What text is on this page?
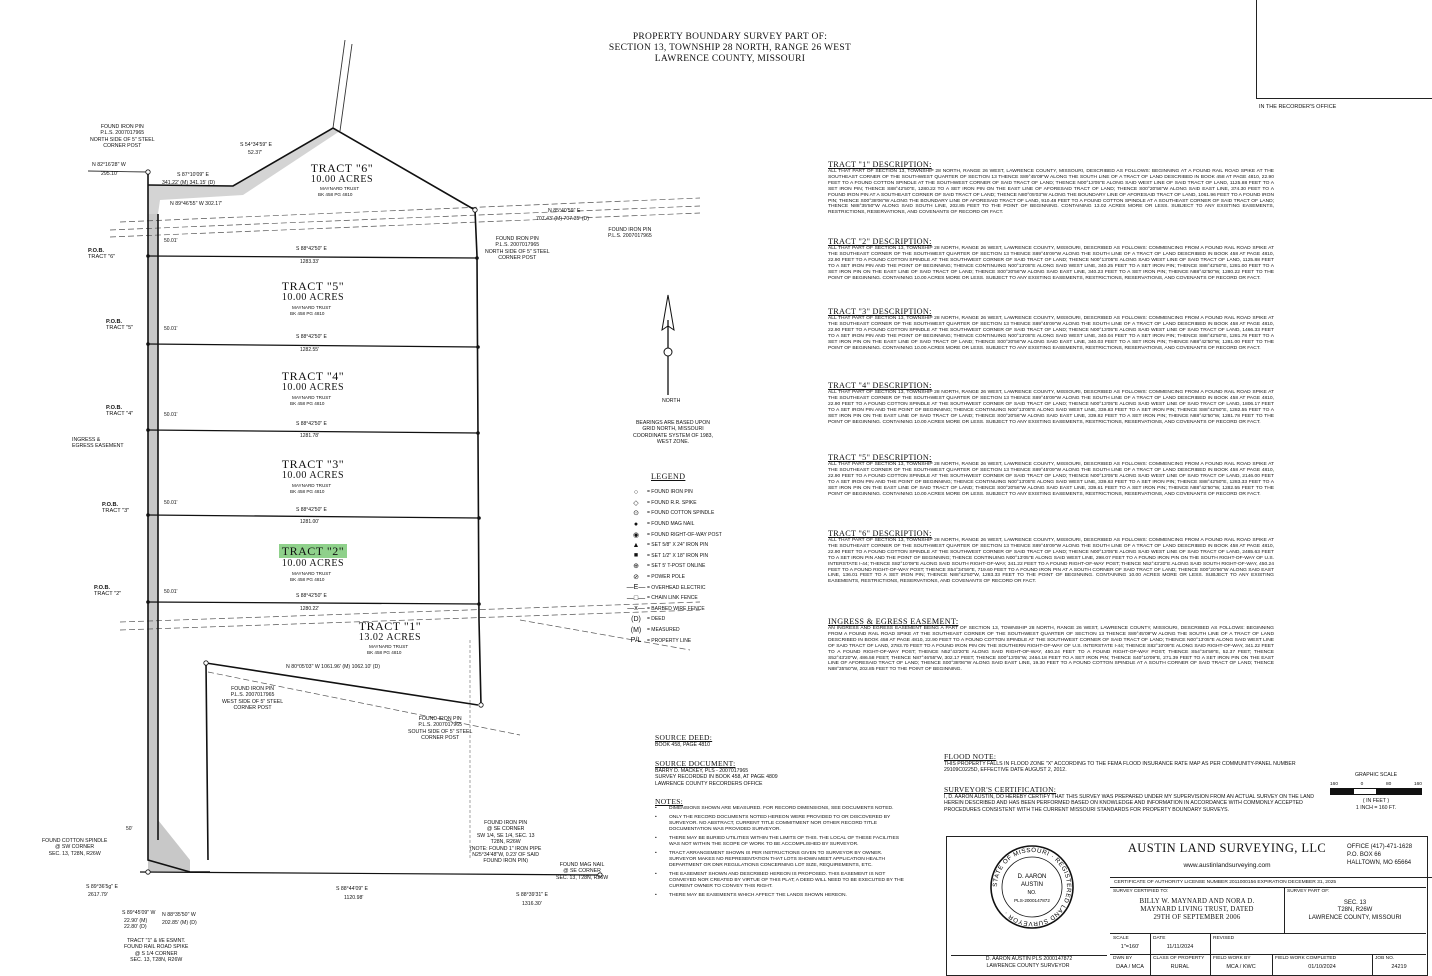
PROPERTY BOUNDARY SURVEY PART OF:
SECTION 13, TOWNSHIP 28 NORTH, RANGE 26 WEST
LAWRENCE COUNTY, MISSOURI
IN THE RECORDER'S OFFICE
TRACT "6"
10.00 ACRES
MAYNARD TRUST
BK 458 PG 4810
TRACT "5"
10.00 ACRES
MAYNARD TRUST
BK 458 PG 4810
TRACT "4"
10.00 ACRES
MAYNARD TRUST
BK 458 PG 4810
TRACT "3"
10.00 ACRES
MAYNARD TRUST
BK 458 PG 4810
TRACT "2"
10.00 ACRES
MAYNARD TRUST
BK 458 PG 4810
TRACT "1"
13.02 ACRES
MAYNARD TRUST
BK 458 PG 4810
S 88°42'50" E
1283.33'
S 88°42'50" E
1282.55'
S 88°42'50" E
1281.78'
S 88°42'50" E
1281.00'
S 88°42'50" E
1280.22'
50.01'
50.01'
50.01'
50.01'
50.01'
50'
P.O.B.
TRACT "6"
P.O.B.
TRACT "5"
P.O.B.
TRACT "4"
P.O.B.
TRACT "3"
P.O.B.
TRACT "2"
INGRESS &
EGRESS EASEMENT
FOUND IRON PIN
P.L.S. 2007017965
NORTH SIDE OF 5" STEEL
CORNER POST
N 82°16'28" W
295.10'	S 87°10'09" E
341.22' (M) 341.15' (D)
S 54°34'59" E
52.37'
N 89°46'55" W 302.17'
N 85°40'59" E
707.43' (M) 707.35' (D)
FOUND IRON PIN
P.L.S. 2007017965
FOUND IRON PIN
P.L.S. 2007017965
NORTH SIDE OF 5" STEEL
CORNER POST
N 80°05'03" W 1061.96' (M) 1062.10' (D)
FOUND IRON PIN
P.L.S. 2007017965
WEST SIDE OF 5" STEEL
CORNER POST
FOUND IRON PIN
P.L.S. 2007017965
SOUTH SIDE OF 5" STEEL
CORNER POST
FOUND COTTON SPINDLE
@ SW CORNER
SEC. 13, T28N, R26W
FOUND IRON PIN
@ SE CORNER
SW 1/4, SE 1/4, SEC. 13
T28N, R26W
(NOTE: FOUND 1" IRON PIPE
N25°34'48"W, 0.23' OF SAID
FOUND IRON PIN)
FOUND MAG NAIL
@ SE CORNER
SEC. 13, T28N, R26W
S 89°36'5g" E
2617.79'
S 89°45'09" W
22.90' (M)
22.80' (D)
N 88°35'50" W
202.85' (M) (D)
S 88°44'09" E
1120.98'	S 88°39'31" E
1316.30'
TRACT "1" & I/E ESMNT.
FOUND RAIL ROAD SPIKE
@ S 1/4 CORNER
SEC. 13, T28N, R26W
BEARINGS ARE BASED UPON
GRID NORTH, MISSOURI
COORDINATE SYSTEM OF 1983,
WEST ZONE.
NORTH
LEGEND
○	= FOUND IRON PIN
◇	= FOUND R.R. SPIKE
⊙	= FOUND COTTON SPINDLE
●	= FOUND MAG NAIL
◉	= FOUND RIGHT-OF-WAY POST
▲	= SET 5/8" X 24" IRON PIN
■	= SET 1/2" X 18" IRON PIN
⊕	= SET 5' T-POST ONLINE
⊘	= POWER POLE
—E— = OVERHEAD ELECTRIC
—□— = CHAIN LINK FENCE
—x— = BARBED WIRE FENCE
(D)	= DEED
(M)	= MEASURED
P/L	= PROPERTY LINE
SOURCE DEED:
BOOK 458, PAGE 4810
SOURCE DOCUMENT:
BARRY D. MACKEY, PLS - 2007017965
SURVEY RECORDED IN BOOK 458, AT PAGE 4809
LAWRENCE COUNTY RECORDERS OFFICE
NOTES:
•	DIMENSIONS SHOWN ARE MEASURED. FOR RECORD DIMENSIONS, SEE DOCUMENTS NOTED.
•	ONLY THE RECORD DOCUMENTS NOTED HEREON WERE PROVIDED TO OR DISCOVERED BY SURVEYOR. NO ABSTRACT, CURRENT TITLE COMMITMENT NOR OTHER RECORD TITLE DOCUMENTATION WAS PROVIDED SURVEYOR.
•	THERE MAY BE BURIED UTILITIES WITHIN THE LIMITS OF THIS. THE LOCAL OF THESE FACILITIES WAS NOT WITHIN THE SCOPE OF WORK TO BE ACCOMPLISHED BY SURVEYOR.
•	TRACT ARRANGEMENT SHOWN IS PER INSTRUCTIONS GIVEN TO SURVEYOR BY OWNER. SURVEYOR MAKES NO REPRESENTATION THAT LOTS SHOWN MEET APPLICATION HEALTH DEPARTMENT OR DNR REGULATIONS CONCERNING LOT SIZE, REQUIREMENTS, ETC.
•	THE EASEMENT SHOWN AND DESCRIBED HEREON IS PROPOSED. THIS EASEMENT IS NOT CONVEYED NOR CREATED BY VIRTUE OF THIS PLAT; A DEED WILL NEED TO BE EXECUTED BY THE CURRENT OWNER TO CONVEY THIS RIGHT.
•	THERE MAY BE EASEMENTS WHICH AFFECT THE LANDS SHOWN HEREON.
TRACT "1" DESCRIPTION:
ALL THAT PART OF SECTION 13, TOWNSHIP 28 NORTH, RANGE 26 WEST, LAWRENCE COUNTY, MISSOURI, DESCRIBED AS FOLLOWS: BEGINNING AT A FOUND RAIL ROAD SPIKE AT THE SOUTHEAST CORNER OF THE SOUTHWEST QUARTER OF SECTION 13 THENCE S89°45'09"W ALONG THE SOUTH LINE OF A TRACT OF LAND DESCRIBED IN BOOK 458 AT PAGE 4810, 22.90 FEET TO A FOUND COTTON SPINDLE AT THE SOUTHWEST CORNER OF SAID TRACT OF LAND; THENCE N00°13'05"E ALONG SAID WEST LINE OF SAID TRACT OF LAND, 1125.88 FEET TO A SET IRON PIN; THENCE S88°42'50"E, 1280.22 TO A SET IRON PIN ON THE EAST LINE OF AFORESAID TRACT OF LAND; THENCE S00°20'56"W ALONG SAID EAST LINE, 374.30 FEET TO A FOUND IRON PIN AT A SOUTHEAST CORNER OF SAID TRACT OF LAND; THENCE N80°05'03"W ALONG THE BOUNDARY LINE OF AFORESAID TRACT OF LAND, 1061.96 FEET TO A FOUND IRON PIN; THENCE S00°38'06"W ALONG THE BOUNDARY LINE OF AFORESAID TRACT OF LAND, 910.48 FEET TO A FOUND COTTON SPINDLE AT A SOUTHEAST CORNER OF SAID TRACT OF LAND; THENCE N88°35'50"W ALONG SAID SOUTH LINE, 202.85 FEET TO THE POINT OF BEGINNING. CONTAINING 13.02 ACRES MORE OR LESS. SUBJECT TO ANY EXISTING EASEMENTS, RESTRICTIONS, RESERVATIONS, AND COVENANTS OF RECORD OR FACT.
TRACT "2" DESCRIPTION:
ALL THAT PART OF SECTION 13, TOWNSHIP 28 NORTH, RANGE 26 WEST, LAWRENCE COUNTY, MISSOURI, DESCRIBED AS FOLLOWS: COMMENCING FROM A FOUND RAIL ROAD SPIKE AT THE SOUTHEAST CORNER OF THE SOUTHWEST QUARTER OF SECTION 13 THENCE S89°45'09"W ALONG THE SOUTH LINE OF A TRACT OF LAND DESCRIBED IN BOOK 458 AT PAGE 4810, 22.90 FEET TO A FOUND COTTON SPINDLE AT THE SOUTHWEST CORNER OF SAID TRACT OF LAND; THENCE N00°13'05"E ALONG SAID WEST LINE OF SAID TRACT OF LAND, 1125.88 FEET TO A SET IRON PIN AND THE POINT OF BEGINNING; THENCE CONTINUING N00°13'05"E ALONG SAID WEST LINE, 340.25 FEET TO A SET IRON PIN; THENCE S88°42'50"E, 1281.00 FEET TO A SET IRON PIN ON THE EAST LINE OF SAID TRACT OF LAND; THENCE S00°20'56"W ALONG SAID EAST LINE, 340.23 FEET TO A SET IRON PIN; THENCE N88°42'50"W, 1280.22 FEET TO THE POINT OF BEGINNING. CONTAINING 10.00 ACRES MORE OR LESS. SUBJECT TO ANY EXISTING EASEMENTS, RESTRICTIONS, RESERVATIONS, AND COVENANTS OF RECORD OR FACT.
TRACT "3" DESCRIPTION:
ALL THAT PART OF SECTION 13, TOWNSHIP 28 NORTH, RANGE 26 WEST, LAWRENCE COUNTY, MISSOURI, DESCRIBED AS FOLLOWS: COMMENCING FROM A FOUND RAIL ROAD SPIKE AT THE SOUTHEAST CORNER OF THE SOUTHWEST QUARTER OF SECTION 13 THENCE S89°45'09"W ALONG THE SOUTH LINE OF A TRACT OF LAND DESCRIBED IN BOOK 458 AT PAGE 4810, 22.90 FEET TO A FOUND COTTON SPINDLE AT THE SOUTHWEST CORNER OF SAID TRACT OF LAND; THENCE N00°13'05"E ALONG SAID WEST LINE OF SAID TRACT OF LAND, 1466.33 FEET TO A SET IRON PIN AND THE POINT OF BEGINNING; THENCE CONTINUING N00°13'05"E ALONG SAID WEST LINE, 340.04 FEET TO A SET IRON PIN; THENCE S88°42'50"E, 1281.78 FEET TO A SET IRON PIN ON THE EAST LINE OF SAID TRACT OF LAND; THENCE S00°20'56"W ALONG SAID EAST LINE, 340.03 FEET TO A SET IRON PIN; THENCE N88°42'50"W, 1281.00 FEET TO THE POINT OF BEGINNING. CONTAINING 10.00 ACRES MORE OR LESS. SUBJECT TO ANY EXISTING EASEMENTS, RESTRICTIONS, RESERVATIONS, AND COVENANTS OF RECORD OR FACT.
TRACT "4" DESCRIPTION:
ALL THAT PART OF SECTION 13, TOWNSHIP 28 NORTH, RANGE 26 WEST, LAWRENCE COUNTY, MISSOURI, DESCRIBED AS FOLLOWS: COMMENCING FROM A FOUND RAIL ROAD SPIKE AT THE SOUTHEAST CORNER OF THE SOUTHWEST QUARTER OF SECTION 13 THENCE S89°45'09"W ALONG THE SOUTH LINE OF A TRACT OF LAND DESCRIBED IN BOOK 458 AT PAGE 4810, 22.90 FEET TO A FOUND COTTON SPINDLE AT THE SOUTHWEST CORNER OF SAID TRACT OF LAND; THENCE N00°13'05"E ALONG SAID WEST LINE OF SAID TRACT OF LAND, 1806.17 FEET TO A SET IRON PIN AND THE POINT OF BEGINNING; THENCE CONTINUING N00°13'05"E ALONG SAID WEST LINE, 339.83 FEET TO A SET IRON PIN; THENCE S88°42'50"E, 1282.55 FEET TO A SET IRON PIN ON THE EAST LINE OF SAID TRACT OF LAND; THENCE S00°20'56"W ALONG SAID EAST LINE, 339.82 FEET TO A SET IRON PIN; THENCE N88°42'50"W, 1281.78 FEET TO THE POINT OF BEGINNING. CONTAINING 10.00 ACRES MORE OR LESS. SUBJECT TO ANY EXISTING EASEMENTS, RESTRICTIONS, RESERVATIONS, AND COVENANTS OF RECORD OR FACT.
TRACT "5" DESCRIPTION:
ALL THAT PART OF SECTION 13, TOWNSHIP 28 NORTH, RANGE 26 WEST, LAWRENCE COUNTY, MISSOURI, DESCRIBED AS FOLLOWS: COMMENCING FROM A FOUND RAIL ROAD SPIKE AT THE SOUTHEAST CORNER OF THE SOUTHWEST QUARTER OF SECTION 13 THENCE S89°45'09"W ALONG THE SOUTH LINE OF A TRACT OF LAND DESCRIBED IN BOOK 458 AT PAGE 4810, 22.90 FEET TO A FOUND COTTON SPINDLE AT THE SOUTHWEST CORNER OF SAID TRACT OF LAND; THENCE N00°13'05"E ALONG SAID WEST LINE OF SAID TRACT OF LAND, 2146.00 FEET TO A SET IRON PIN AND THE POINT OF BEGINNING; THENCE CONTINUING N00°13'05"E ALONG SAID WEST LINE, 339.63 FEET TO A SET IRON PIN; THENCE S88°42'50"E, 1283.33 FEET TO A SET IRON PIN ON THE EAST LINE OF SAID TRACT OF LAND; THENCE S00°20'56"W ALONG SAID EAST LINE, 339.61 FEET TO A SET IRON PIN; THENCE N88°42'50"W, 1282.55 FEET TO THE POINT OF BEGINNING. CONTAINING 10.00 ACRES MORE OR LESS. SUBJECT TO ANY EXISTING EASEMENTS, RESTRICTIONS, RESERVATIONS, AND COVENANTS OF RECORD OR FACT.
TRACT "6" DESCRIPTION:
ALL THAT PART OF SECTION 13, TOWNSHIP 28 NORTH, RANGE 26 WEST, LAWRENCE COUNTY, MISSOURI, DESCRIBED AS FOLLOWS: COMMENCING FROM A FOUND RAIL ROAD SPIKE AT THE SOUTHEAST CORNER OF THE SOUTHWEST QUARTER OF SECTION 13 THENCE S89°45'09"W ALONG THE SOUTH LINE OF A TRACT OF LAND DESCRIBED IN BOOK 458 AT PAGE 4810, 22.90 FEET TO A FOUND COTTON SPINDLE AT THE SOUTHWEST CORNER OF SAID TRACT OF LAND; THENCE N00°13'05"E ALONG SAID WEST LINE OF SAID TRACT OF LAND, 2485.63 FEET TO A SET IRON PIN AND THE POINT OF BEGINNING; THENCE CONTINUING N00°13'05"E ALONG SAID WEST LINE, 298.07 FEET TO A FOUND IRON PIN ON THE SOUTH RIGHT-OF-WAY OF U.S. INTERSTATE I-44; THENCE S82°10'09"E ALONG SAID SOUTH RIGHT-OF-WAY, 341.22 FEET TO A FOUND RIGHT-OF-WAY POST; THENCE N52°43'20"E ALONG SAID SOUTH RIGHT-OF-WAY, 450.24 FEET TO A FOUND RIGHT-OF-WAY POST; THENCE S54°34'59"E, 719.60 FEET TO A FOUND IRON PIN AT A SOUTH CORNER OF SAID TRACT OF LAND; THENCE S00°20'56"W ALONG SAID EAST LINE, 136.01 FEET TO A SET IRON PIN; THENCE N88°42'50"W, 1283.33 FEET TO THE POINT OF BEGINNING. CONTAINING 10.00 ACRES MORE OR LESS. SUBJECT TO ANY EXISTING EASEMENTS, RESTRICTIONS, RESERVATIONS, AND COVENANTS OF RECORD OR FACT.
INGRESS & EGRESS EASEMENT:
AN INGRESS AND EGRESS EASEMENT BEING A PART OF SECTION 13, TOWNSHIP 28 NORTH, RANGE 26 WEST, LAWRENCE COUNTY, MISSOURI, DESCRIBED AS FOLLOWS: BEGINNING FROM A FOUND RAIL ROAD SPIKE AT THE SOUTHEAST CORNER OF THE SOUTHWEST QUARTER OF SECTION 13 THENCE S89°45'09"W ALONG THE SOUTH LINE OF A TRACT OF LAND DESCRIBED IN BOOK 458 AT PAGE 4810, 22.90 FEET TO A FOUND COTTON SPINDLE AT THE SOUTHWEST CORNER OF SAID TRACT OF LAND; THENCE N00°13'05"E ALONG SAID WEST LINE OF SAID TRACT OF LAND, 2783.70 FEET TO A FOUND IRON PIN ON THE SOUTHERN RIGHT-OF-WAY OF U.S. INTERSTATE I-44; THENCE S82°10'09"E ALONG SAID RIGHT-OF-WAY, 341.22 FEET TO A FOUND RIGHT-OF-WAY POST; THENCE N52°43'20"E ALONG SAID RIGHT-OF-WAY, 450.24 FEET TO A FOUND RIGHT-OF-WAY POST; THENCE S54°34'59"E, 52.37 FEET; THENCE S52°43'20"W, 486.58 FEET; THENCE N87°46'55"W, 302.17 FEET; THENCE S00°13'05"W, 2464.18 FEET TO A SET IRON PIN; THENCE S40°10'09"E, 271.39 FEET TO A SET IRON PIN ON THE EAST LINE OF AFORESAID TRACT OF LAND; THENCE S00°38'06"W ALONG SAID EAST LINE, 19.30 FEET TO A FOUND COTTON SPINDLE AT A SOUTH CORNER OF SAID TRACT OF LAND; THENCE N88°35'50"W, 202.85 FEET TO THE POINT OF BEGINNING.
FLOOD NOTE:
THIS PROPERTY FALLS IN FLOOD ZONE "X" ACCORDING TO THE FEMA FLOOD INSURANCE RATE MAP AS PER COMMUNITY-PANEL NUMBER 29109C0225D, EFFECTIVE DATE AUGUST 2, 2012.
SURVEYOR'S CERTIFICATION:
I, D. AARON AUSTIN, DO HEREBY CERTIFY THAT THIS SURVEY WAS PREPARED UNDER MY SUPERVISION FROM AN ACTUAL SURVEY ON THE LAND HEREIN DESCRIBED AND HAS BEEN PERFORMED BASED ON KNOWLEDGE AND INFORMATION IN ACCORDANCE WITH COMMONLY ACCEPTED PROCEDURES CONSISTENT WITH THE CURRENT MISSOURI STANDARDS FOR PROPERTY BOUNDARY SURVEYS.
GRAPHIC SCALE
160	0	80	160
( IN FEET )
1 INCH = 160 FT.
AUSTIN LAND SURVEYING, LLC
www.austinlandsurveying.com
OFFICE (417)-471-1628
P.O. BOX 66
HALLTOWN, MO 65664
CERTIFICATE OF AUTHORITY LICENSE NUMBER 2011000156 EXPIRATION DECEMBER 31, 2025
STATE OF MISSOURI · REGISTERED LAND SURVEYOR ·
D. AARON
AUSTIN
NO.
PLS-2000147872
SURVEY CERTIFIED TO:
BILLY W. MAYNARD AND NORA D.
MAYNARD LIVING TRUST, DATED
29TH OF SEPTEMBER 2006
SURVEY PART OF:
SEC. 13
T28N, R26W
LAWRENCE COUNTY, MISSOURI
D. AARON AUSTIN PLS 2000147872
SCALE
1"=160'
DATE
11/11/2024
REVISED
DWN BY
DAA / MCA
CLASS OF PROPERTY
RURAL
FIELD WORK BY
MCA / KWC
FIELD WORK COMPLETED
01/10/2024
JOB NO.
24219
LAWRENCE COUNTY SURVEYOR
